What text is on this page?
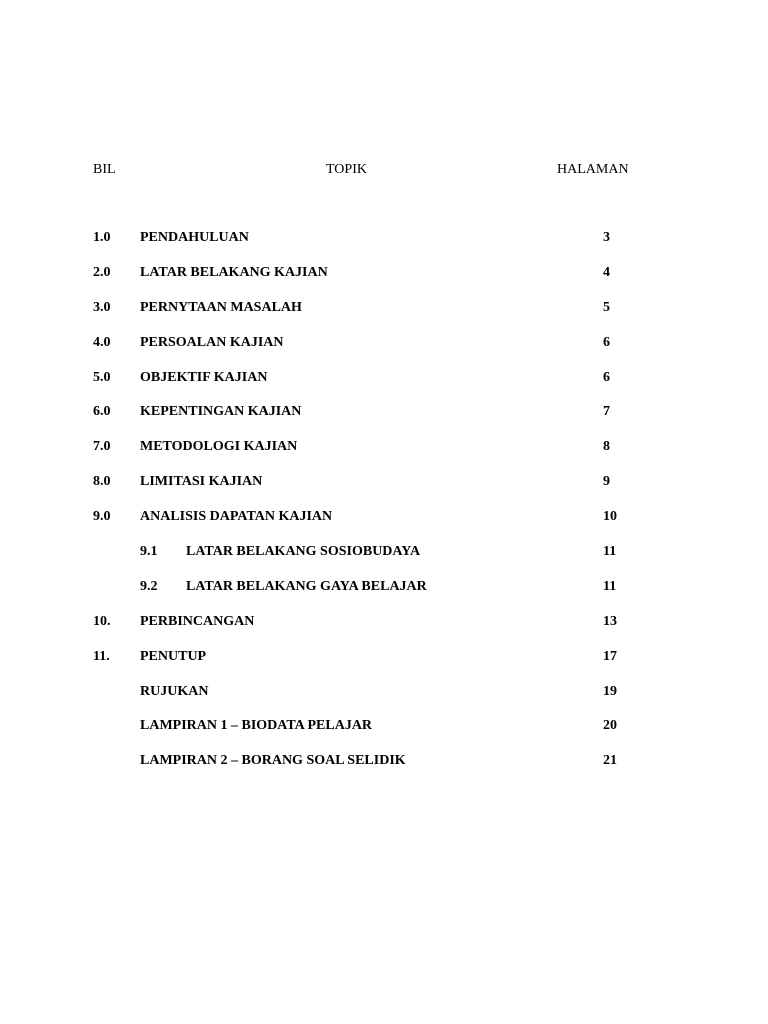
BIL	TOPIK	HALAMAN
1.0 PENDAHULUAN	3
2.0 LATAR BELAKANG KAJIAN	4
3.0 PERNYTAAN MASALAH	5
4.0 PERSOALAN KAJIAN	6
5.0 OBJEKTIF KAJIAN	6
6.0 KEPENTINGAN KAJIAN	7
7.0 METODOLOGI KAJIAN	8
8.0 LIMITASI KAJIAN	9
9.0 ANALISIS DAPATAN KAJIAN	10
9.1 LATAR BELAKANG SOSIOBUDAYA	11
9.2 LATAR BELAKANG GAYA BELAJAR	11
10. PERBINCANGAN	13
11. PENUTUP	17
RUJUKAN	19
LAMPIRAN 1 – BIODATA PELAJAR	20
LAMPIRAN 2 – BORANG SOAL SELIDIK	21
